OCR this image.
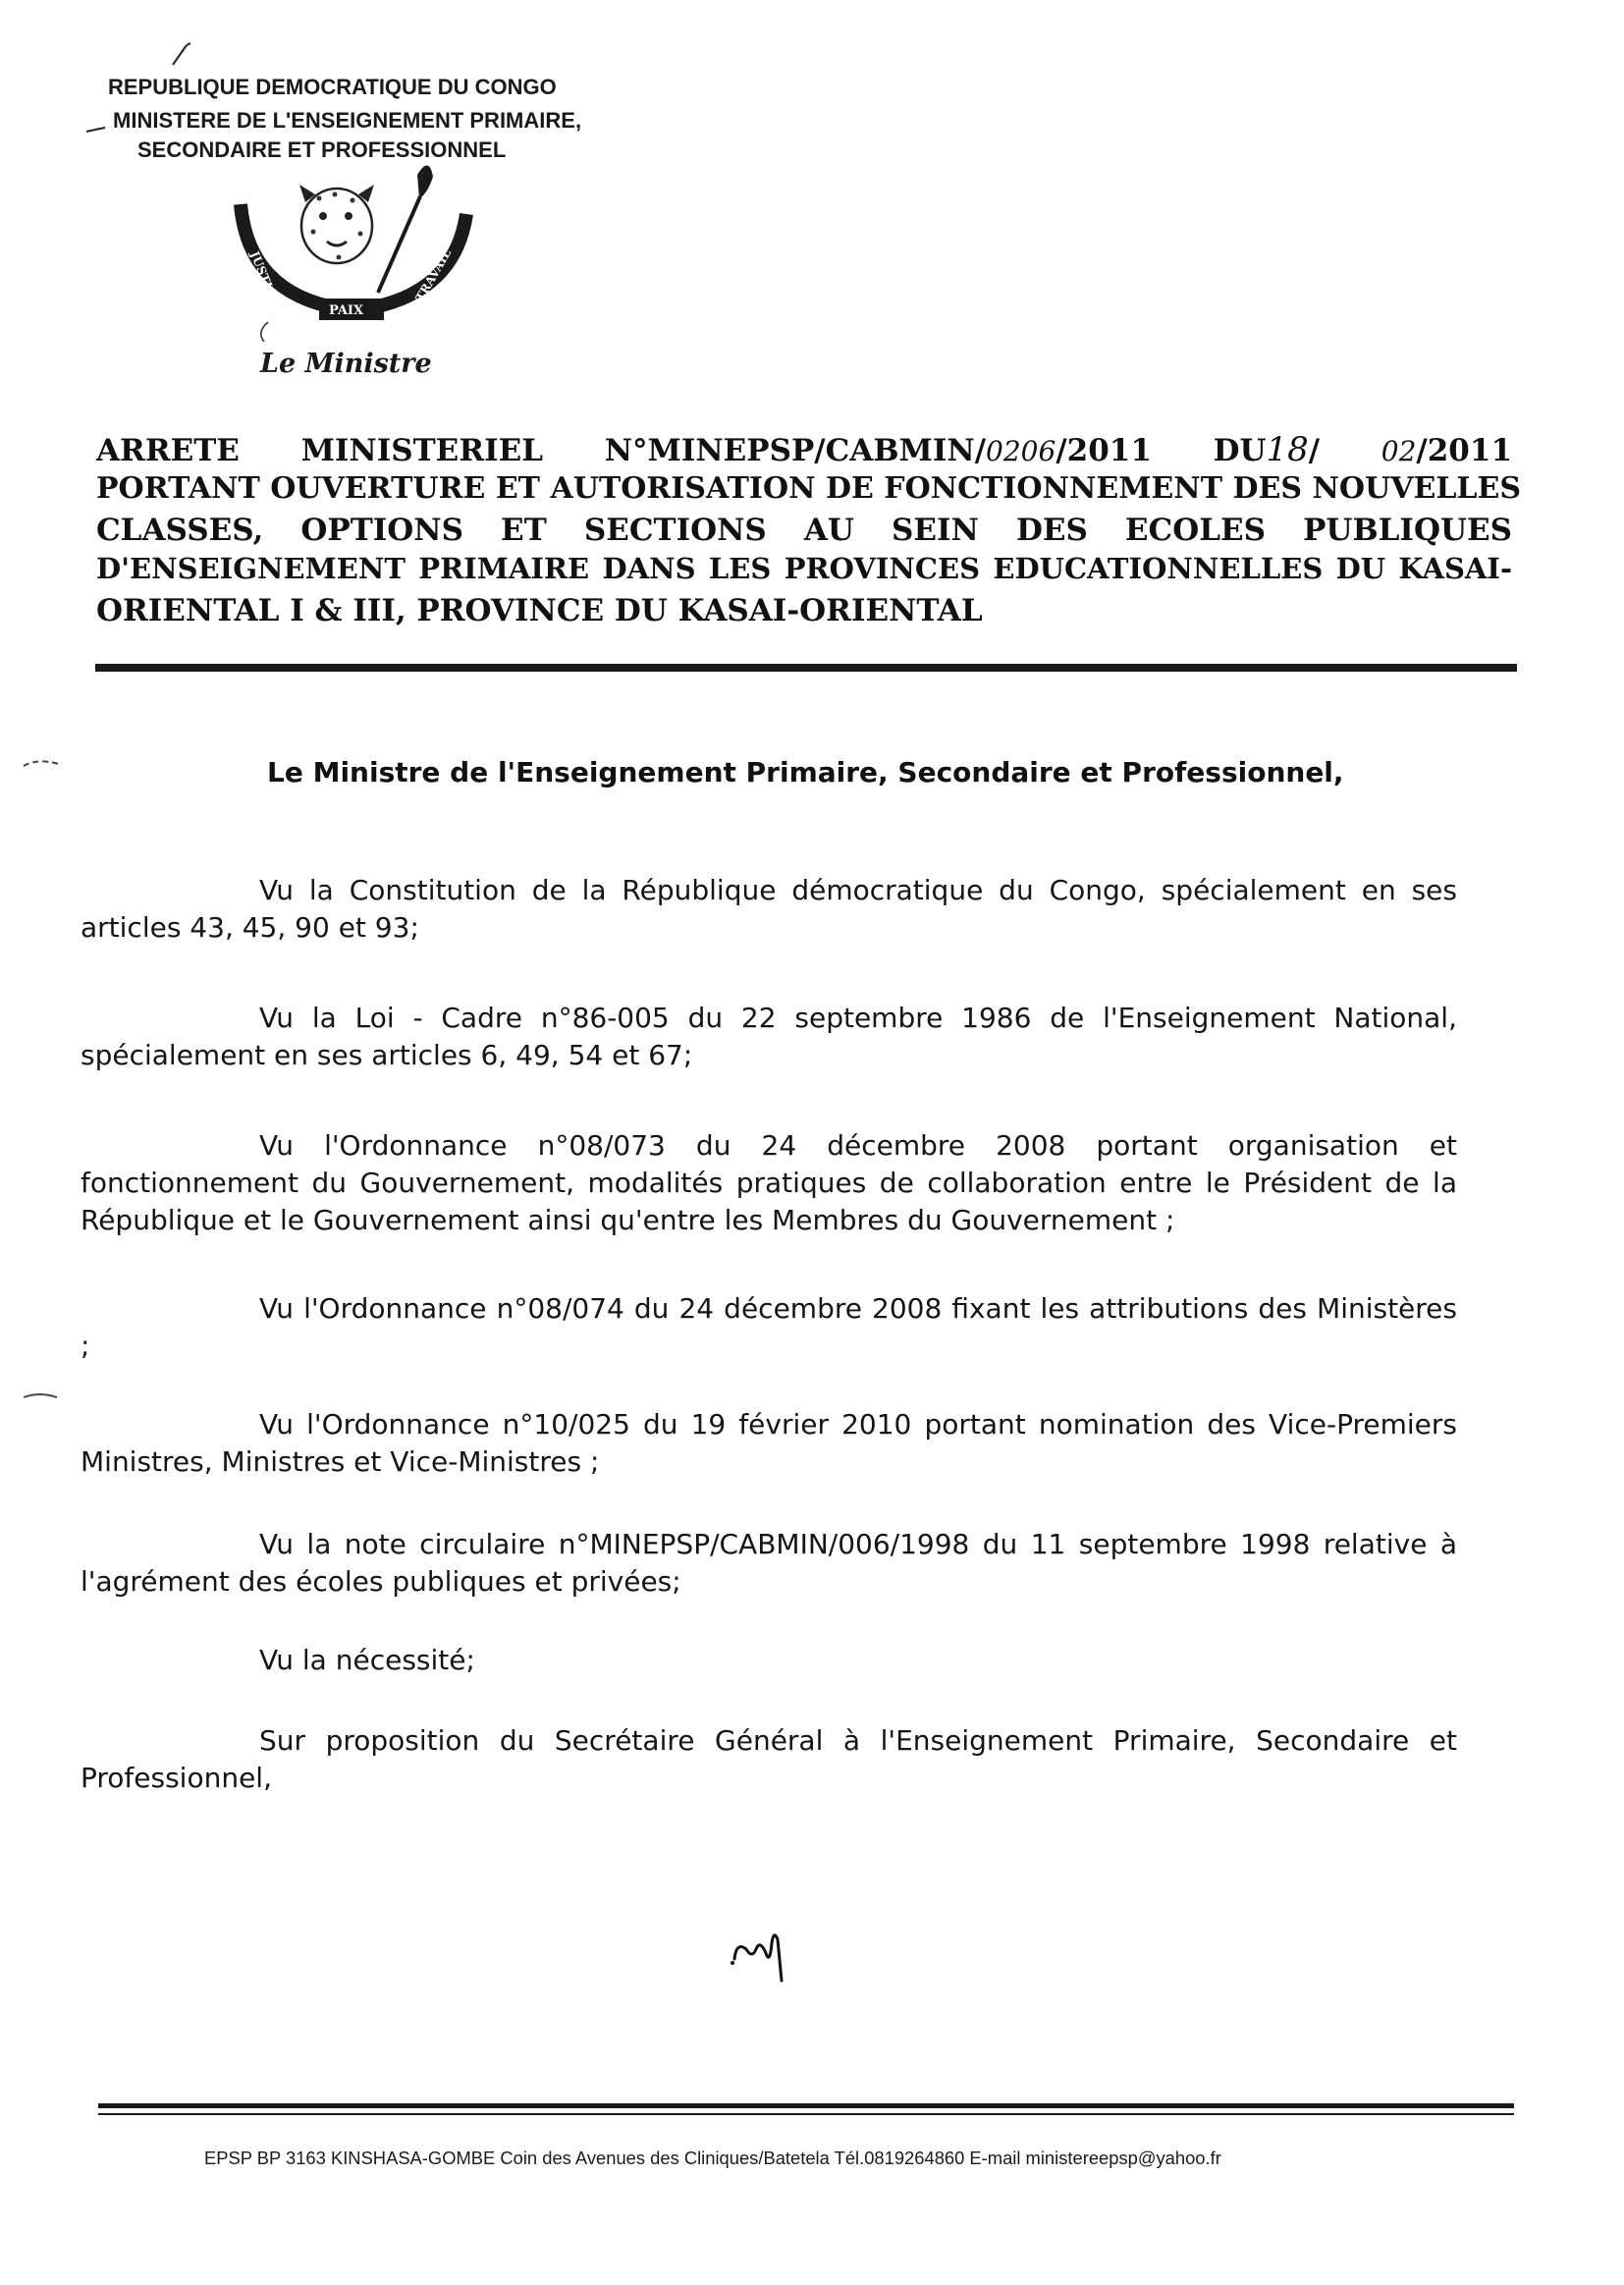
REPUBLIQUE DEMOCRATIQUE DU CONGO
MINISTERE DE L'ENSEIGNEMENT PRIMAIRE,
SECONDAIRE ET PROFESSIONNEL
JUSTICE	TRAVAIL
PAIX
Le Ministre
ARRETE MINISTERIEL N°MINEPSP/CABMIN/0206/2011 DU18/ 02/2011
PORTANT OUVERTURE ET AUTORISATION DE FONCTIONNEMENT DES NOUVELLES
CLASSES, OPTIONS ET SECTIONS AU SEIN DES ECOLES PUBLIQUES
D'ENSEIGNEMENT PRIMAIRE DANS LES PROVINCES EDUCATIONNELLES DU KASAI-
ORIENTAL I & III, PROVINCE DU KASAI-ORIENTAL
Le Ministre de l'Enseignement Primaire, Secondaire et Professionnel,
Vu la Constitution de la République démocratique du Congo, spécialement en ses articles 43, 45, 90 et 93;
Vu la Loi - Cadre n°86-005 du 22 septembre 1986 de l'Enseignement National, spécialement en ses articles 6, 49, 54 et 67;
Vu l'Ordonnance n°08/073 du 24 décembre 2008 portant organisation et fonctionnement du Gouvernement, modalités pratiques de collaboration entre le Président de la République et le Gouvernement ainsi qu'entre les Membres du Gouvernement ;
Vu l'Ordonnance n°08/074 du 24 décembre 2008 fixant les attributions des Ministères ;
Vu l'Ordonnance n°10/025 du 19 février 2010 portant nomination des Vice-Premiers Ministres, Ministres et Vice-Ministres ;
Vu la note circulaire n°MINEPSP/CABMIN/006/1998 du 11 septembre 1998 relative à l'agrément des écoles publiques et privées;
Vu la nécessité;
Sur proposition du Secrétaire Général à l'Enseignement Primaire, Secondaire et Professionnel,
EPSP BP 3163 KINSHASA-GOMBE Coin des Avenues des Cliniques/Batetela Tél.0819264860 E-mail ministereepsp@yahoo.fr
